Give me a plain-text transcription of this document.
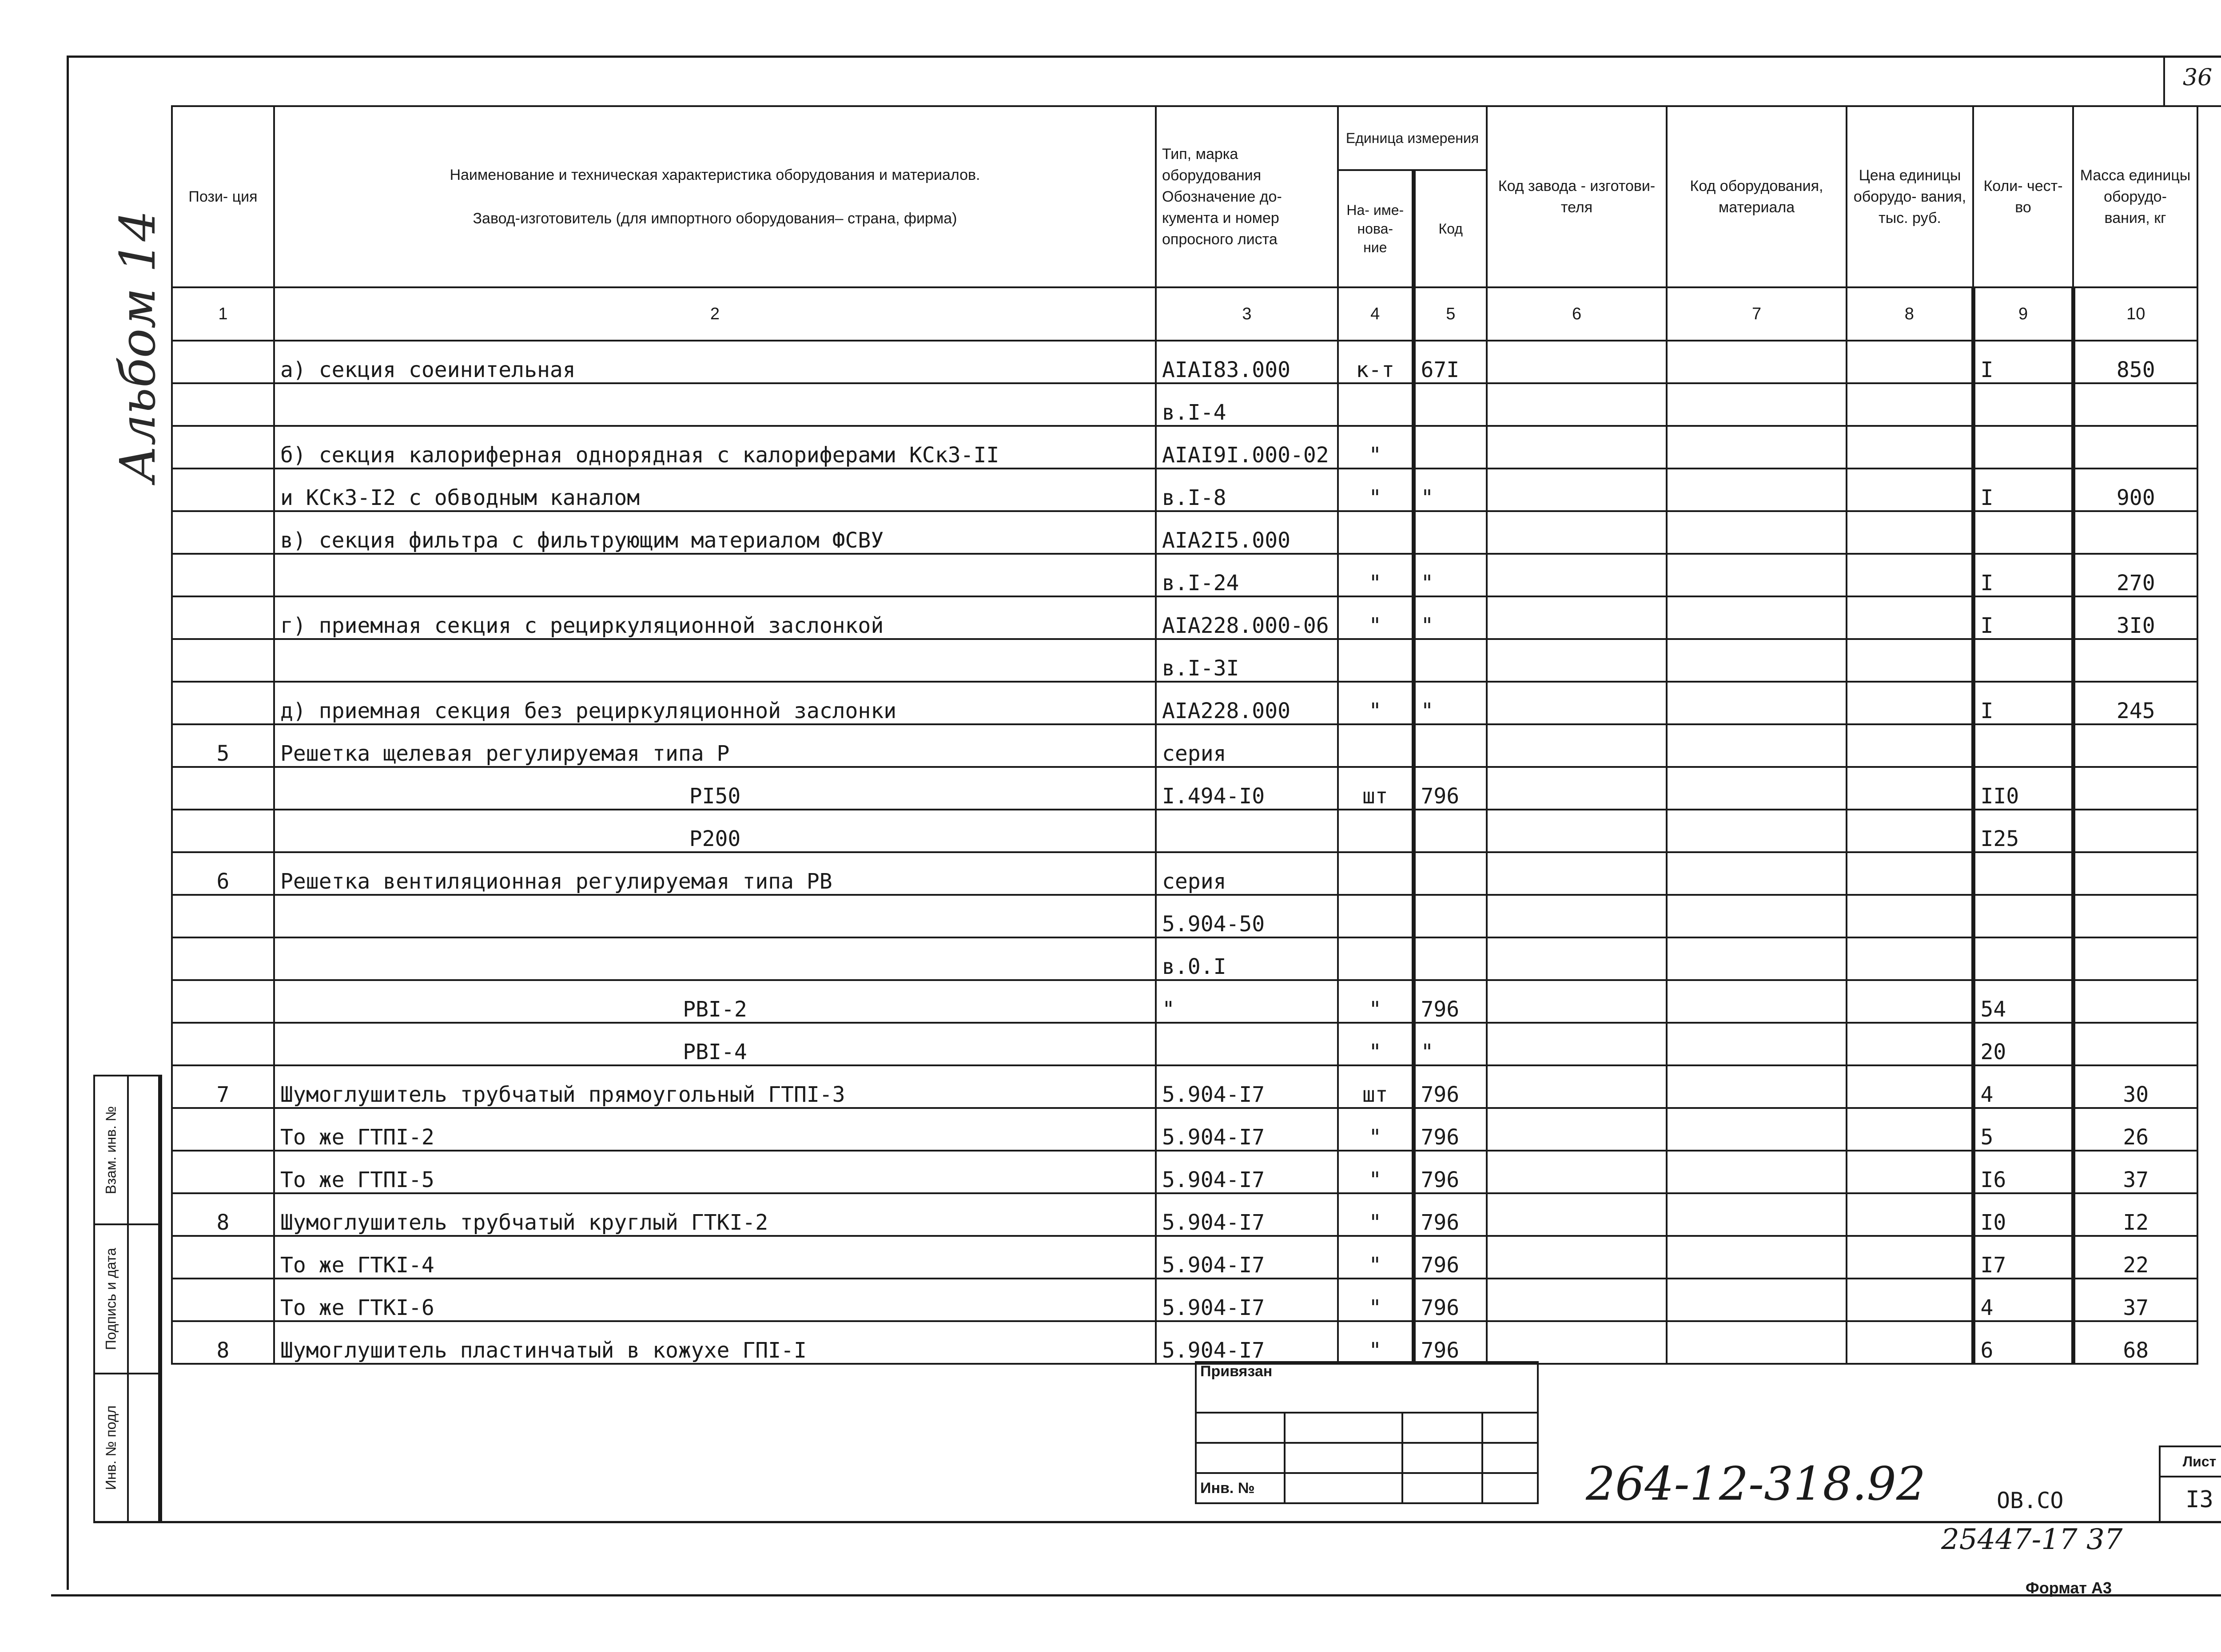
36
Альбом 14
Пози- ция	Наименование и техническая характеристика оборудования и материалов.
Завод-изготовитель (для импортного оборудования– страна, фирма)	Тип, марка оборудования Обозначение до- кумента и номер опросного листа	Единица измерения		Код завода - изготови- теля	Код оборудования, материала	Цена единицы оборудо- вания, тыс. руб.	Коли- чест- во	Масса единицы оборудо- вания, кг
			На- име- нова- ние	Код					
1	2	3	4	5	6	7	8	9	10
	а) секция соеинительная	AIAI83.000	к-т	67I				I	850
		в.I-4							
	б) секция калориферная однорядная с калориферами КСк3-II	AIAI9I.000-02	"						
	и КСк3-I2 с обводным каналом	в.I-8	"	"				I	900
	в) секция фильтра с фильтрующим материалом ФСВУ	AIA2I5.000							
		в.I-24	"	"				I	270
	г) приемная секция с рециркуляционной заслонкой	AIA228.000-06	"	"				I	3I0
		в.I-3I							
	д) приемная секция без рециркуляционной заслонки	AIA228.000	"	"				I	245
5	Решетка щелевая регулируемая типа Р	серия							
	PI50	I.494-I0	шт	796				II0	
	P200							I25	
6	Решетка вентиляционная регулируемая типа РВ	серия							
		5.904-50							
		в.0.I							
	PBI-2	"	"	796				54	
	PBI-4		"	"				20	
7	Шумоглушитель трубчатый прямоугольный ГТПI-3	5.904-I7	шт	796				4	30
	То же ГТПI-2	5.904-I7	"	796				5	26
	То же ГТПI-5	5.904-I7	"	796				I6	37
8	Шумоглушитель трубчатый круглый ГТКI-2	5.904-I7	"	796				I0	I2
	То же ГТКI-4	5.904-I7	"	796				I7	22
	То же ГТКI-6	5.904-I7	"	796				4	37
8	Шумоглушитель пластинчатый в кожухе ГПI-I	5.904-I7	"	796				6	68
Взам. инв. №	

Подпись и дата	

Инв. № подл	

Привязан			

Инв. №				264-12-318.92	ОВ.СО
Лист
I3
25447-17 37
Формат А3
